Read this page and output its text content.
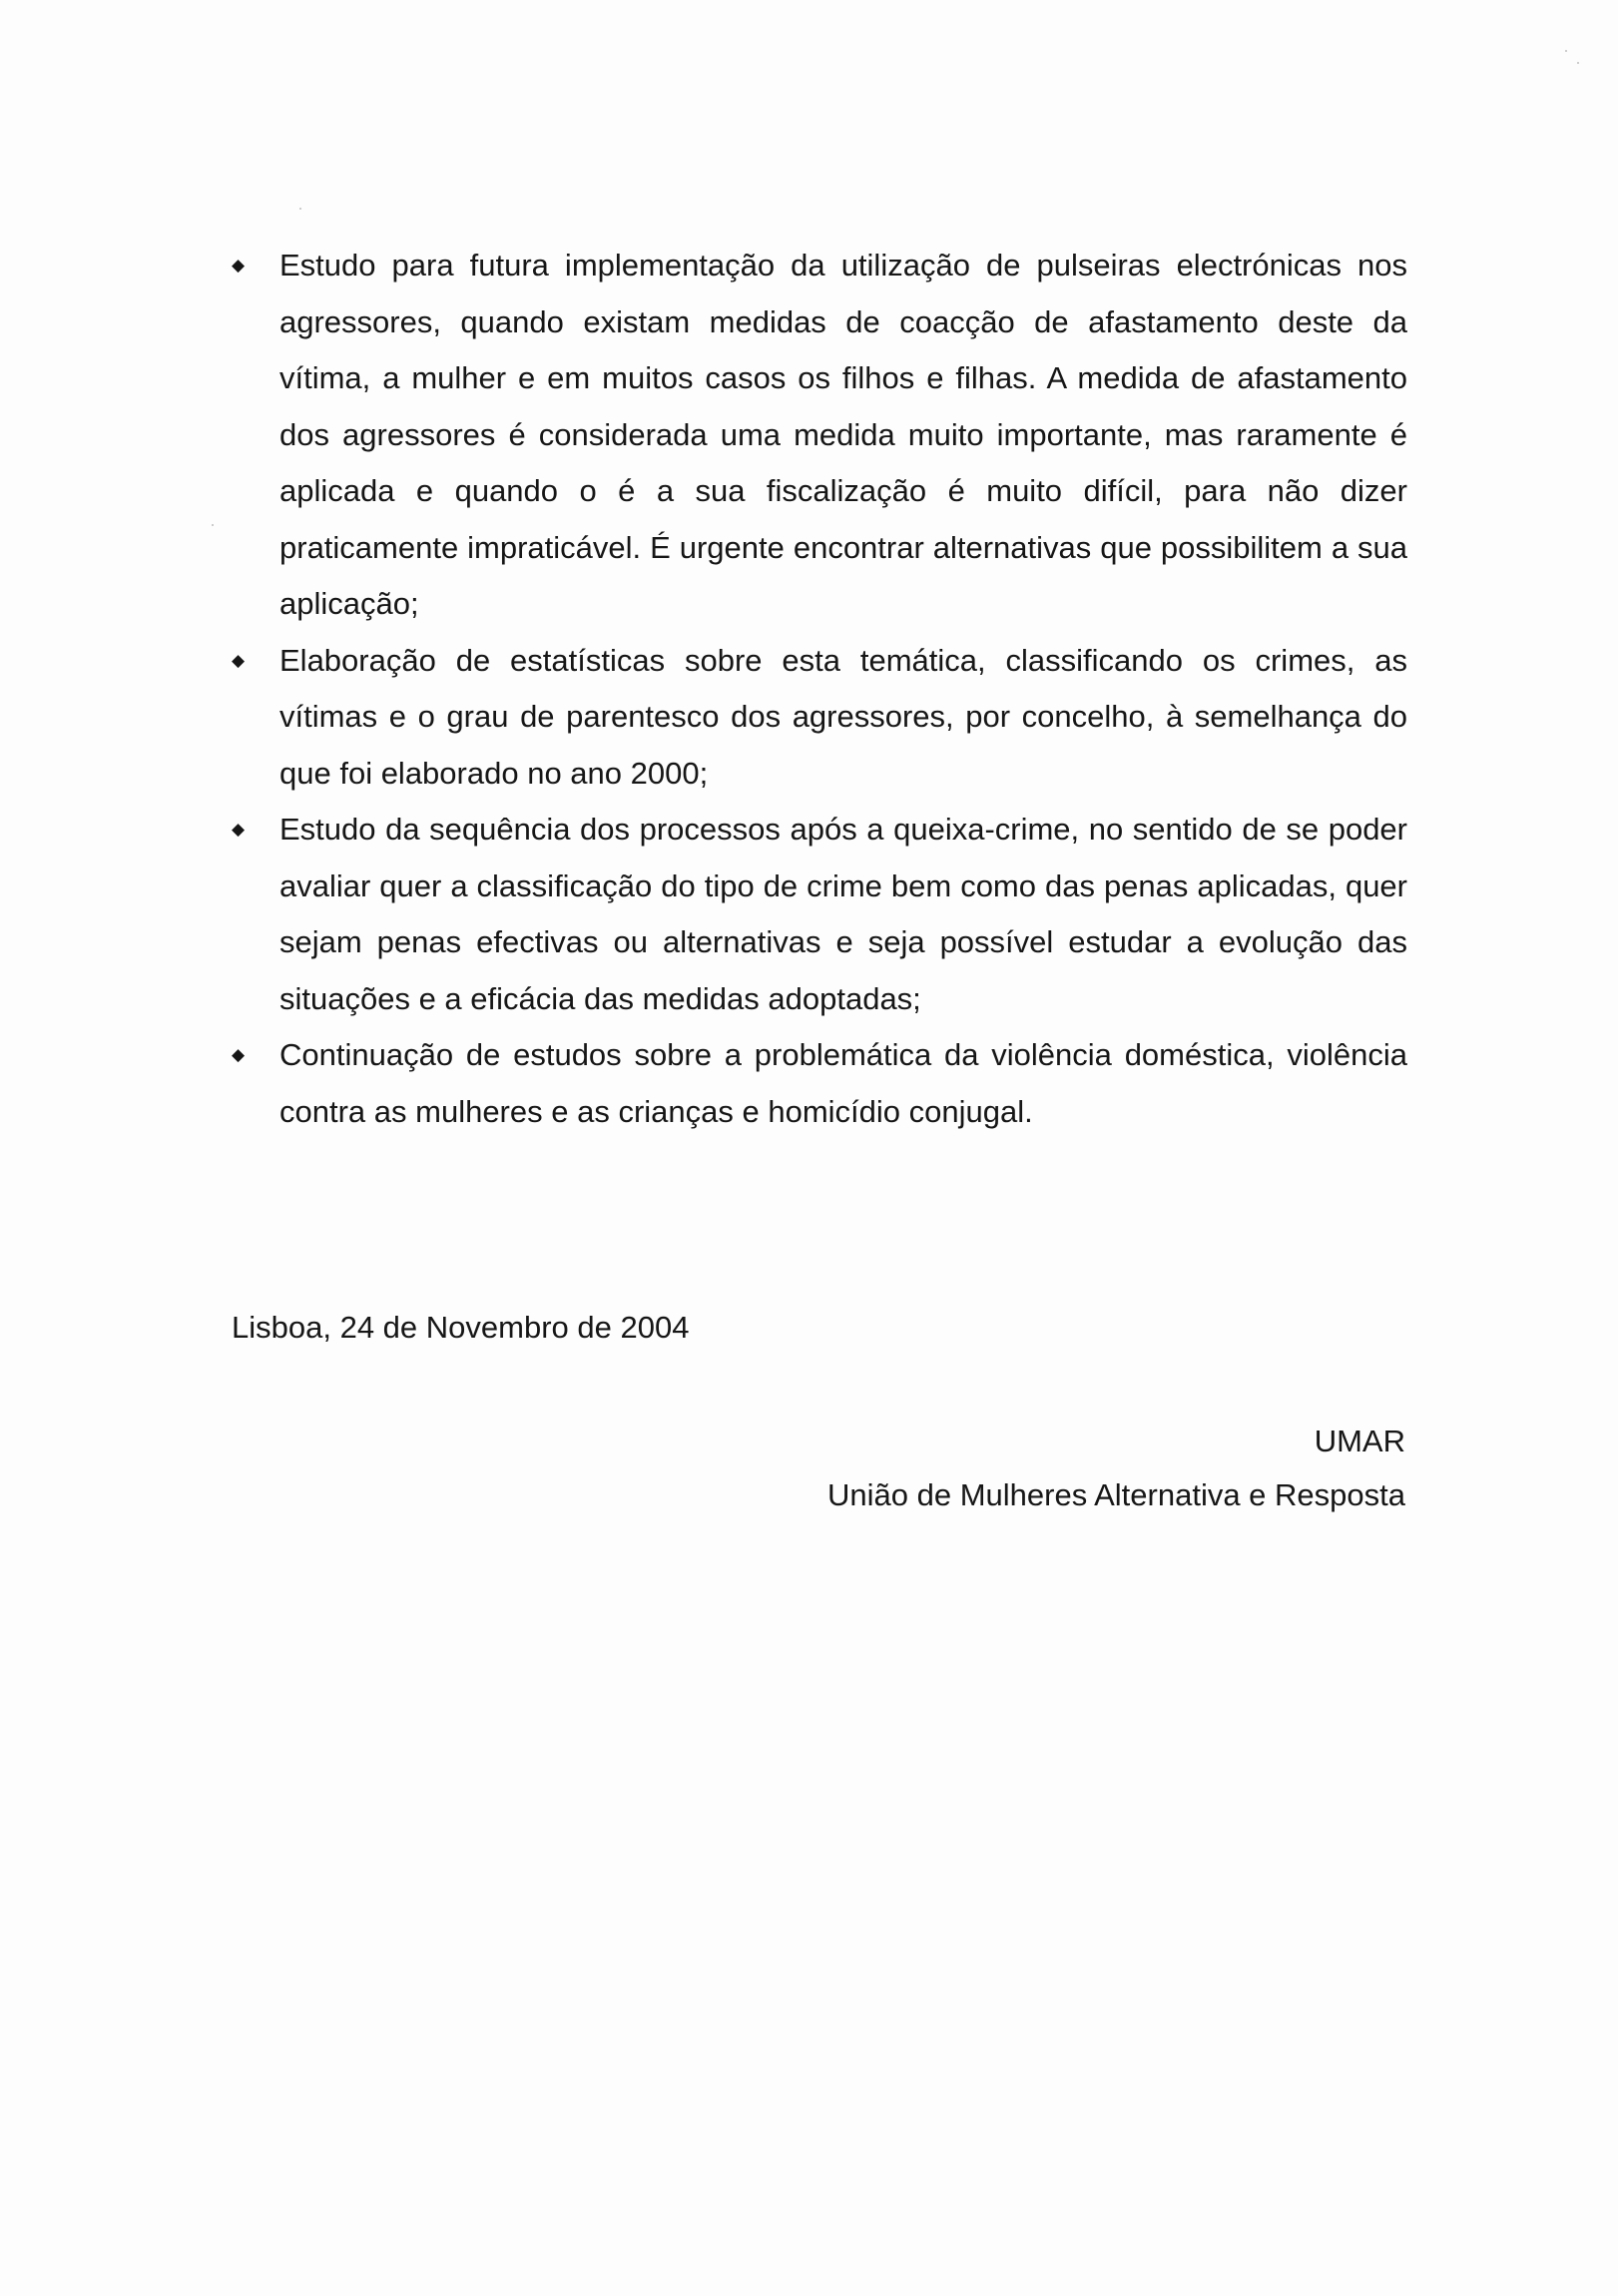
◆ Estudo para futura implementação da utilização de pulseiras electrónicas nos agressores, quando existam medidas de coacção de afastamento deste da vítima, a mulher e em muitos casos os filhos e filhas. A medida de afastamento dos agressores é considerada uma medida muito importante, mas raramente é aplicada e quando o é a sua fiscalização é muito difícil, para não dizer praticamente impraticável. É urgente encontrar alternativas que possibilitem a sua aplicação;
◆ Elaboração de estatísticas sobre esta temática, classificando os crimes, as vítimas e o grau de parentesco dos agressores, por concelho, à semelhança do que foi elaborado no ano 2000;
◆ Estudo da sequência dos processos após a queixa-crime, no sentido de se poder avaliar quer a classificação do tipo de crime bem como das penas aplicadas, quer sejam penas efectivas ou alternativas e seja possível estudar a evolução das situações e a eficácia das medidas adoptadas;
◆ Continuação de estudos sobre a problemática da violência doméstica, violência contra as mulheres e as crianças e homicídio conjugal.

Lisboa, 24 de Novembro de 2004

UMAR

União de Mulheres Alternativa e Resposta
